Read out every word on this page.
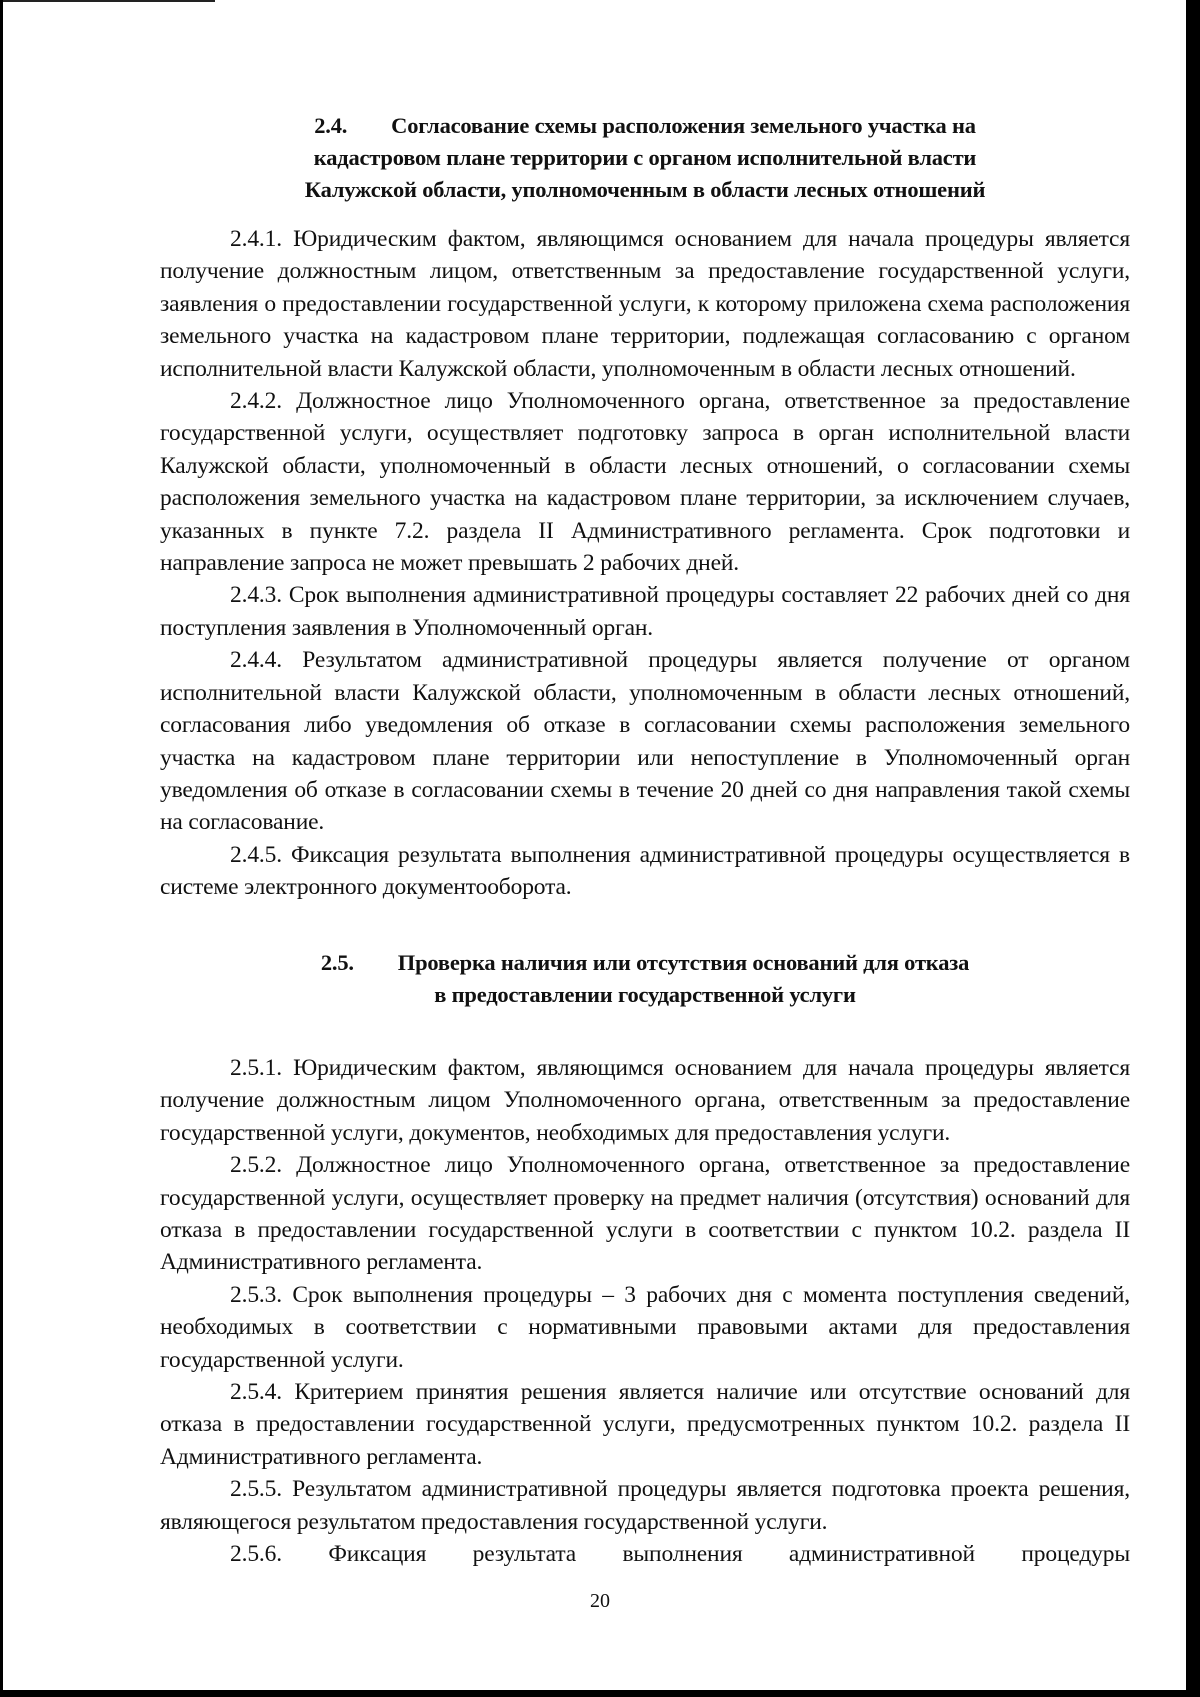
2.4. Согласование схемы расположения земельного участка на
кадастровом плане территории с органом исполнительной власти
Калужской области, уполномоченным в области лесных отношений

2.4.1. Юридическим фактом, являющимся основанием для начала процедуры является получение должностным лицом, ответственным за предоставление государственной услуги, заявления о предоставлении государственной услуги, к которому приложена схема расположения земельного участка на кадастровом плане территории, подлежащая согласованию с органом исполнительной власти Калужской области, уполномоченным в области лесных отношений.

2.4.2. Должностное лицо Уполномоченного органа, ответственное за предоставление государственной услуги, осуществляет подготовку запроса в орган исполнительной власти Калужской области, уполномоченный в области лесных отношений, о согласовании схемы расположения земельного участка на кадастровом плане территории, за исключением случаев, указанных в пункте 7.2. раздела II Административного регламента. Срок подготовки и направление запроса не может превышать 2 рабочих дней.

2.4.3. Срок выполнения административной процедуры составляет 22 рабочих дней со дня поступления заявления в Уполномоченный орган.

2.4.4. Результатом административной процедуры является получение от органом исполнительной власти Калужской области, уполномоченным в области лесных отношений, согласования либо уведомления об отказе в согласовании схемы расположения земельного участка на кадастровом плане территории или непоступление в Уполномоченный орган уведомления об отказе в согласовании схемы в течение 20 дней со дня направления такой схемы на согласование.

2.4.5. Фиксация результата выполнения административной процедуры осуществляется в системе электронного документооборота.

2.5. Проверка наличия или отсутствия оснований для отказа
в предоставлении государственной услуги

2.5.1. Юридическим фактом, являющимся основанием для начала процедуры является получение должностным лицом Уполномоченного органа, ответственным за предоставление государственной услуги, документов, необходимых для предоставления услуги.

2.5.2. Должностное лицо Уполномоченного органа, ответственное за предоставление государственной услуги, осуществляет проверку на предмет наличия (отсутствия) оснований для отказа в предоставлении государственной услуги в соответствии с пунктом 10.2. раздела II Административного регламента.

2.5.3. Срок выполнения процедуры – 3 рабочих дня с момента поступления сведений, необходимых в соответствии с нормативными правовыми актами для предоставления государственной услуги.

2.5.4. Критерием принятия решения является наличие или отсутствие оснований для отказа в предоставлении государственной услуги, предусмотренных пунктом 10.2. раздела II Административного регламента.

2.5.5. Результатом административной процедуры является подготовка проекта решения, являющегося результатом предоставления государственной услуги.

2.5.6. Фиксация результата выполнения административной процедуры

20
